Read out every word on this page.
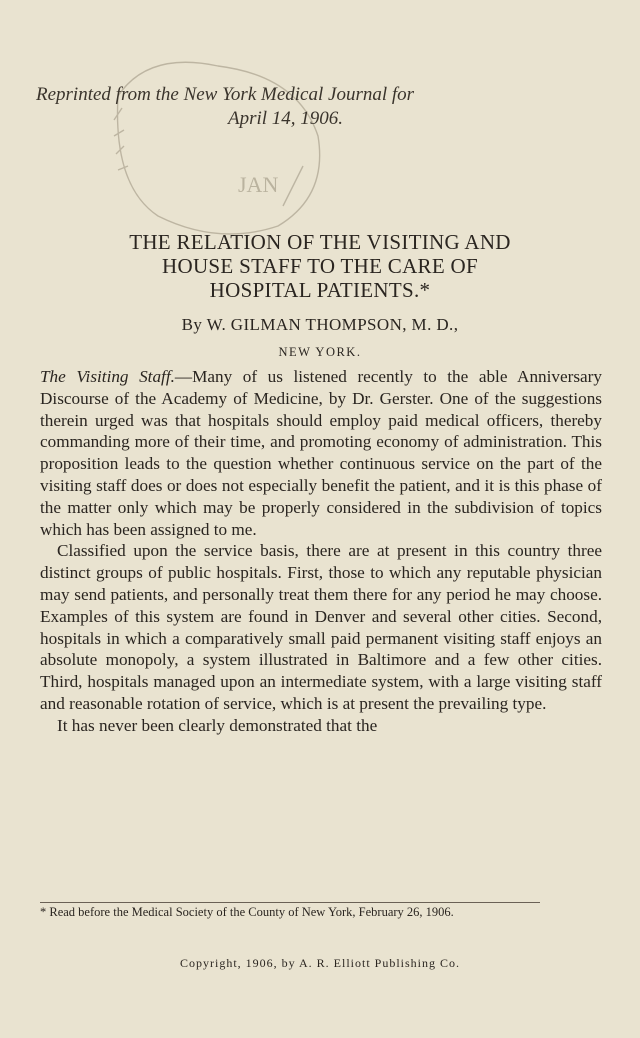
JAN
Reprinted from the New York Medical Journal for
April 14, 1906.
THE RELATION OF THE VISITING AND
HOUSE STAFF TO THE CARE OF
HOSPITAL PATIENTS.*
By W. GILMAN THOMPSON, M. D.,
NEW YORK.

The Visiting Staff.—Many of us listened recently to the able Anniversary Discourse of the Academy of Medicine, by Dr. Gerster. One of the suggestions therein urged was that hospitals should employ paid medical officers, thereby commanding more of their time, and promoting economy of administration. This proposition leads to the question whether continuous service on the part of the visiting staff does or does not especially benefit the patient, and it is this phase of the matter only which may be properly considered in the subdivision of topics which has been assigned to me.

Classified upon the service basis, there are at present in this country three distinct groups of public hospitals. First, those to which any reputable physician may send patients, and personally treat them there for any period he may choose. Examples of this system are found in Denver and several other cities. Second, hospitals in which a comparatively small paid permanent visiting staff enjoys an absolute monopoly, a system illustrated in Baltimore and a few other cities. Third, hospitals managed upon an intermediate system, with a large visiting staff and reasonable rotation of service, which is at present the prevailing type.

It has never been clearly demonstrated that the

* Read before the Medical Society of the County of New York, February 26, 1906.
Copyright, 1906, by A. R. Elliott Publishing Co.
